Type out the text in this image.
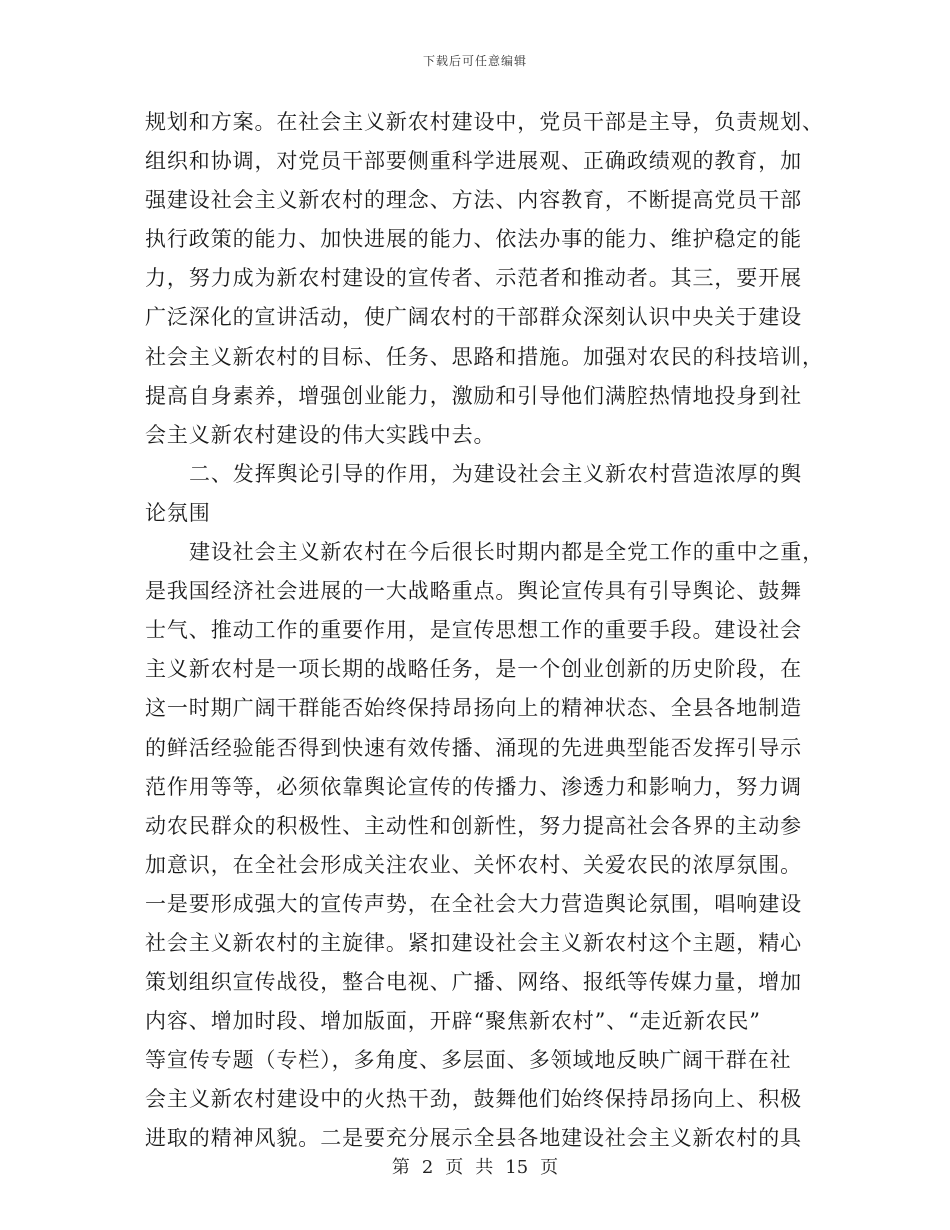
下载后可任意编辑
规划和方案。在社会主义新农村建设中，党员干部是主导，负责规划、
组织和协调，对党员干部要侧重科学进展观、正确政绩观的教育，加
强建设社会主义新农村的理念、方法、内容教育，不断提高党员干部
执行政策的能力、加快进展的能力、依法办事的能力、维护稳定的能
力，努力成为新农村建设的宣传者、示范者和推动者。其三，要开展
广泛深化的宣讲活动，使广阔农村的干部群众深刻认识中央关于建设
社会主义新农村的目标、任务、思路和措施。加强对农民的科技培训，
提高自身素养，增强创业能力，激励和引导他们满腔热情地投身到社
会主义新农村建设的伟大实践中去。
二、发挥舆论引导的作用，为建设社会主义新农村营造浓厚的舆
论氛围
建设社会主义新农村在今后很长时期内都是全党工作的重中之重，
是我国经济社会进展的一大战略重点。舆论宣传具有引导舆论、鼓舞
士气、推动工作的重要作用，是宣传思想工作的重要手段。建设社会
主义新农村是一项长期的战略任务，是一个创业创新的历史阶段，在
这一时期广阔干群能否始终保持昂扬向上的精神状态、全县各地制造
的鲜活经验能否得到快速有效传播、涌现的先进典型能否发挥引导示
范作用等等，必须依靠舆论宣传的传播力、渗透力和影响力，努力调
动农民群众的积极性、主动性和创新性，努力提高社会各界的主动参
加意识，在全社会形成关注农业、关怀农村、关爱农民的浓厚氛围。
一是要形成强大的宣传声势，在全社会大力营造舆论氛围，唱响建设
社会主义新农村的主旋律。紧扣建设社会主义新农村这个主题，精心
策划组织宣传战役，整合电视、广播、网络、报纸等传媒力量，增加
内容、增加时段、增加版面，开辟“聚焦新农村”、“走近新农民”
等宣传专题（专栏），多角度、多层面、多领域地反映广阔干群在社
会主义新农村建设中的火热干劲，鼓舞他们始终保持昂扬向上、积极
进取的精神风貌。二是要充分展示全县各地建设社会主义新农村的具
第 2 页 共 15 页
